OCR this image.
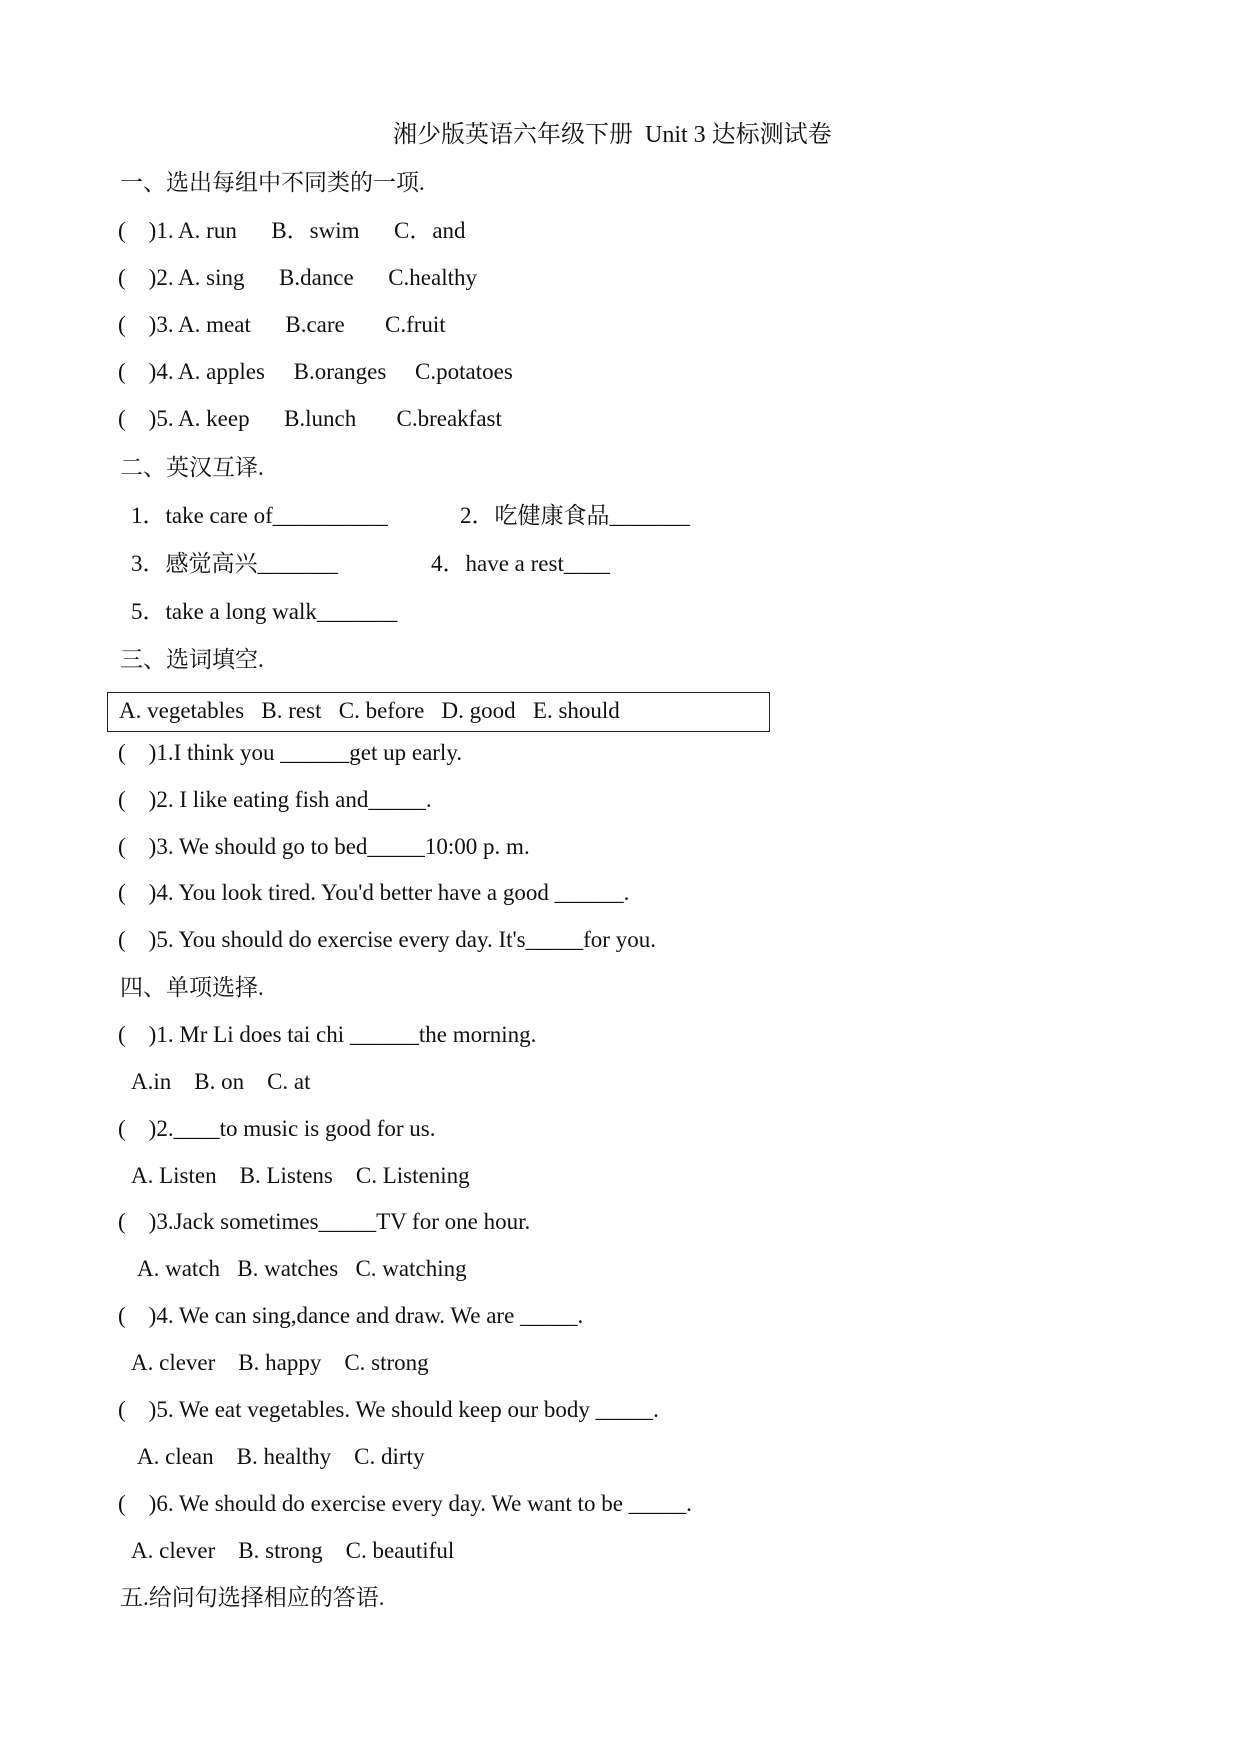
湘少版英语六年级下册  Unit 3 达标测试卷
一、选出每组中不同类的一项.
(    )1. A. run      B．swim      C．and
(    )2. A. sing      B.dance      C.healthy
(    )3. A. meat      B.care       C.fruit
(    )4. A. apples     B.oranges     C.potatoes
(    )5. A. keep      B.lunch       C.breakfast
二、英汉互译.
1．take care of__________	2．吃健康食品_______
3．感觉高兴_______	4．have a rest____
5．take a long walk_______
三、选词填空.
A. vegetables   B. rest   C. before   D. good   E. should
(    )1.I think you ______get up early.
(    )2. I like eating fish and_____.
(    )3. We should go to bed_____10:00 p. m.
(    )4. You look tired. You'd better have a good ______.
(    )5. You should do exercise every day. It's_____for you.
四、单项选择.
(    )1. Mr Li does tai chi ______the morning.
A.in    B. on    C. at
(    )2.____to music is good for us.
A. Listen    B. Listens    C. Listening
(    )3.Jack sometimes_____TV for one hour.
A. watch   B. watches   C. watching
(    )4. We can sing,dance and draw. We are _____.
A. clever    B. happy    C. strong
(    )5. We eat vegetables. We should keep our body _____.
A. clean    B. healthy    C. dirty
(    )6. We should do exercise every day. We want to be _____.
A. clever    B. strong    C. beautiful
五.给问句选择相应的答语.
